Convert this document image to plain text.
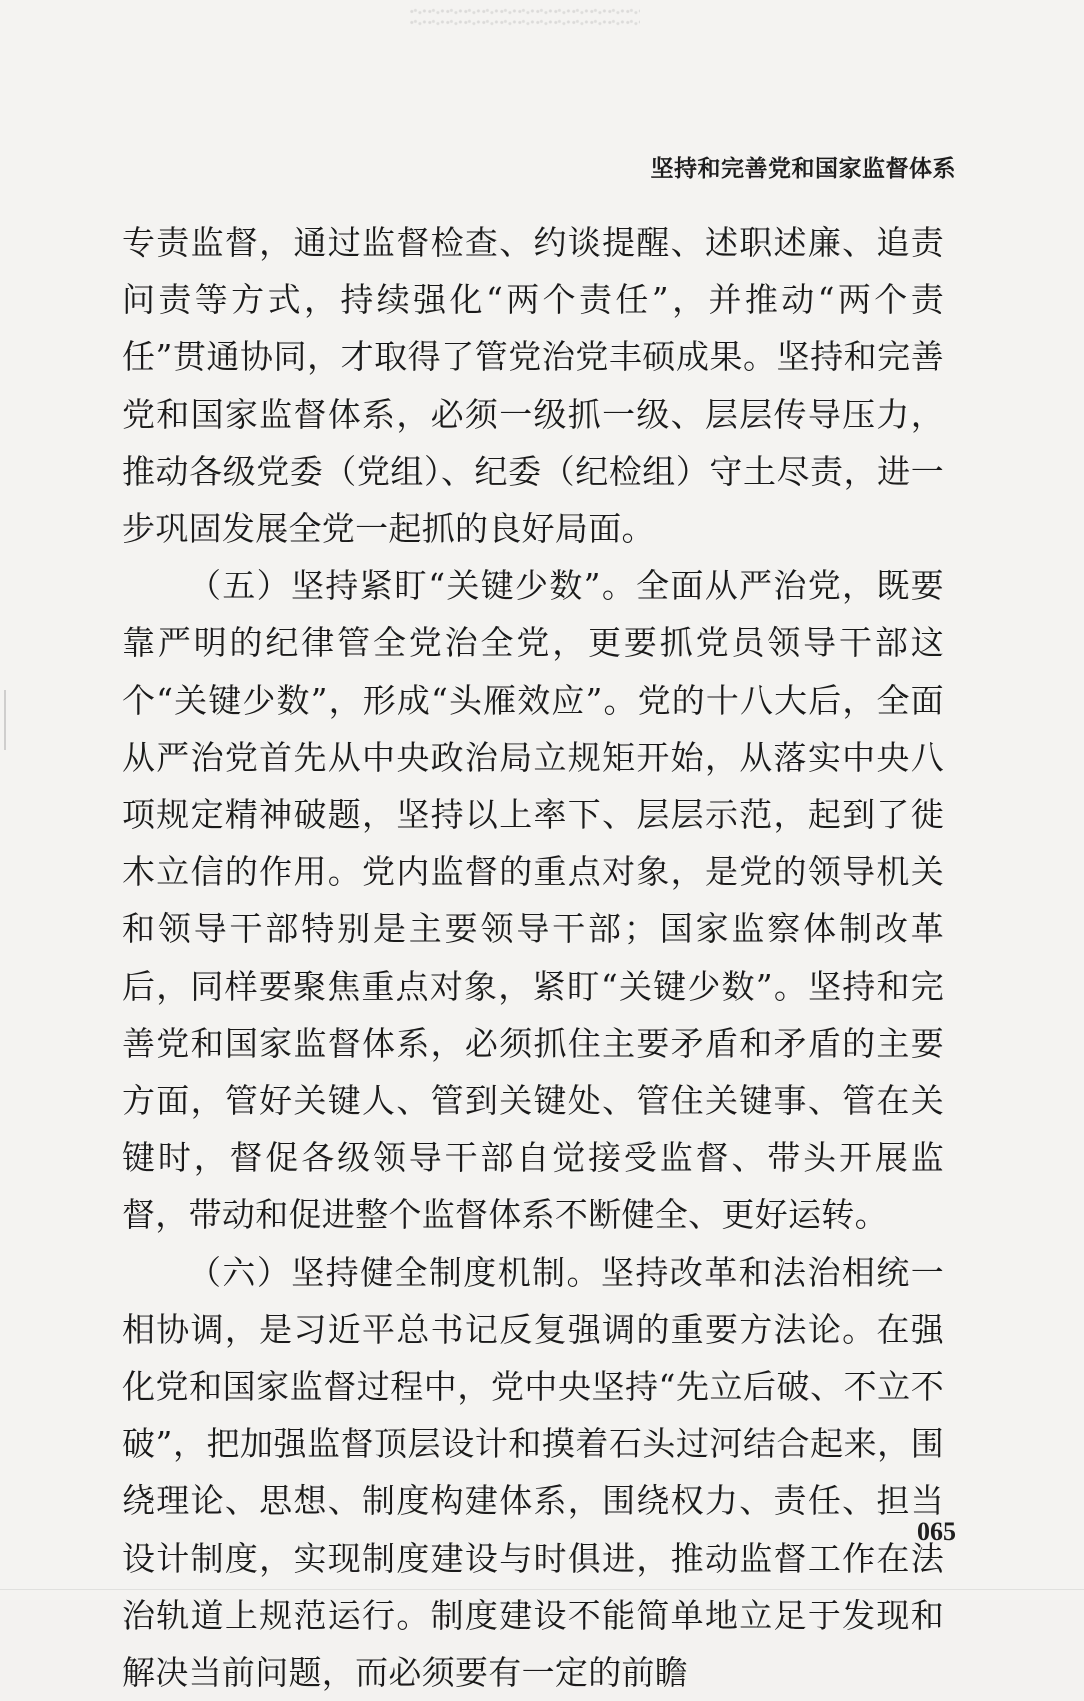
坚持和完善党和国家监督体系

专责监督，通过监督检查、约谈提醒、述职述廉、追责问责等方式，持续强化“两个责任”，并推动“两个责任”贯通协同，才取得了管党治党丰硕成果。坚持和完善党和国家监督体系，必须一级抓一级、层层传导压力，推动各级党委（党组）、纪委（纪检组）守土尽责，进一步巩固发展全党一起抓的良好局面。

（五）坚持紧盯“关键少数”。全面从严治党，既要靠严明的纪律管全党治全党，更要抓党员领导干部这个“关键少数”，形成“头雁效应”。党的十八大后，全面从严治党首先从中央政治局立规矩开始，从落实中央八项规定精神破题，坚持以上率下、层层示范，起到了徙木立信的作用。党内监督的重点对象，是党的领导机关和领导干部特别是主要领导干部；国家监察体制改革后，同样要聚焦重点对象，紧盯“关键少数”。坚持和完善党和国家监督体系，必须抓住主要矛盾和矛盾的主要方面，管好关键人、管到关键处、管住关键事、管在关键时，督促各级领导干部自觉接受监督、带头开展监督，带动和促进整个监督体系不断健全、更好运转。

（六）坚持健全制度机制。坚持改革和法治相统一相协调，是习近平总书记反复强调的重要方法论。在强化党和国家监督过程中，党中央坚持“先立后破、不立不破”，把加强监督顶层设计和摸着石头过河结合起来，围绕理论、思想、制度构建体系，围绕权力、责任、担当设计制度，实现制度建设与时俱进，推动监督工作在法治轨道上规范运行。制度建设不能简单地立足于发现和解决当前问题，而必须要有一定的前瞻

065
